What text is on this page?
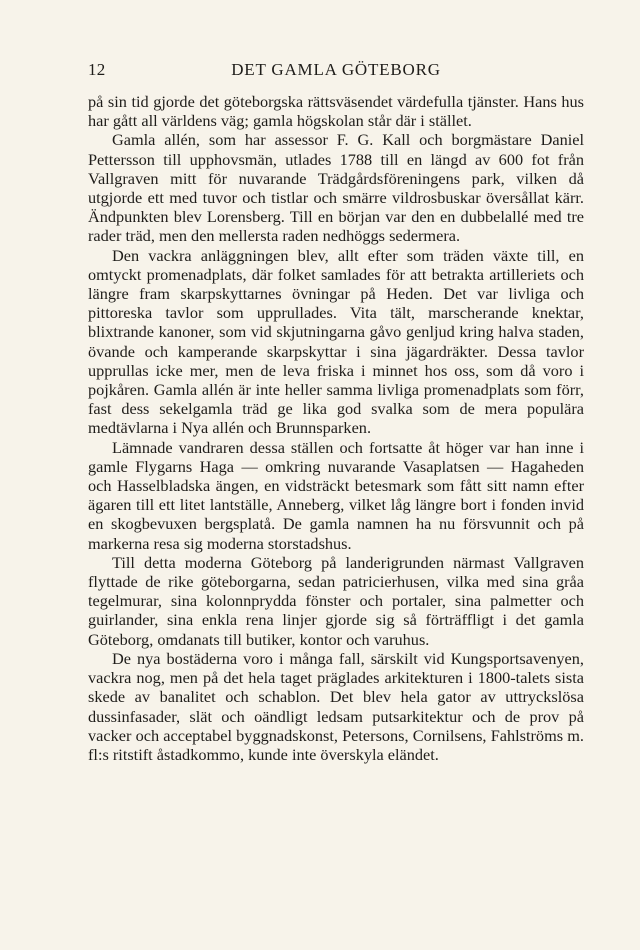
12	DET GAMLA GÖTEBORG

på sin tid gjorde det göteborgska rättsväsendet värdefulla tjänster. Hans hus har gått all världens väg; gamla högskolan står där i stället.

Gamla allén, som har assessor F. G. Kall och borgmästare Daniel Pettersson till upphovsmän, utlades 1788 till en längd av 600 fot från Vallgraven mitt för nuvarande Trädgårdsföreningens park, vilken då utgjorde ett med tuvor och tistlar och smärre vildrosbuskar översållat kärr. Ändpunkten blev Lorensberg. Till en början var den en dubbelallé med tre rader träd, men den mellersta raden nedhöggs sedermera.

Den vackra anläggningen blev, allt efter som träden växte till, en omtyckt promenadplats, där folket samlades för att betrakta artilleriets och längre fram skarpskyttarnes övningar på Heden. Det var livliga och pittoreska tavlor som upprullades. Vita tält, marscherande knektar, blixtrande kanoner, som vid skjutningarna gåvo genljud kring halva staden, övande och kamperande skarpskyttar i sina jägardräkter. Dessa tavlor upprullas icke mer, men de leva friska i minnet hos oss, som då voro i pojkåren. Gamla allén är inte heller samma livliga promenadplats som förr, fast dess sekelgamla träd ge lika god svalka som de mera populära medtävlarna i Nya allén och Brunnsparken.

Lämnade vandraren dessa ställen och fortsatte åt höger var han inne i gamle Flygarns Haga — omkring nuvarande Vasaplatsen — Hagaheden och Hasselbladska ängen, en vidsträckt betesmark som fått sitt namn efter ägaren till ett litet lantställe, Anneberg, vilket låg längre bort i fonden invid en skogbevuxen bergsplatå. De gamla namnen ha nu försvunnit och på markerna resa sig moderna storstadshus.

Till detta moderna Göteborg på landerigrunden närmast Vallgraven flyttade de rike göteborgarna, sedan patricierhusen, vilka med sina gråa tegelmurar, sina kolonnprydda fönster och portaler, sina palmetter och guirlander, sina enkla rena linjer gjorde sig så förträffligt i det gamla Göteborg, omdanats till butiker, kontor och varuhus.

De nya bostäderna voro i många fall, särskilt vid Kungsportsavenyen, vackra nog, men på det hela taget präglades arkitekturen i 1800-talets sista skede av banalitet och schablon. Det blev hela gator av uttryckslösa dussinfasader, slät och oändligt ledsam putsarkitektur och de prov på vacker och acceptabel byggnadskonst, Petersons, Cornilsens, Fahlströms m. fl:s ritstift åstadkommo, kunde inte överskyla eländet.
